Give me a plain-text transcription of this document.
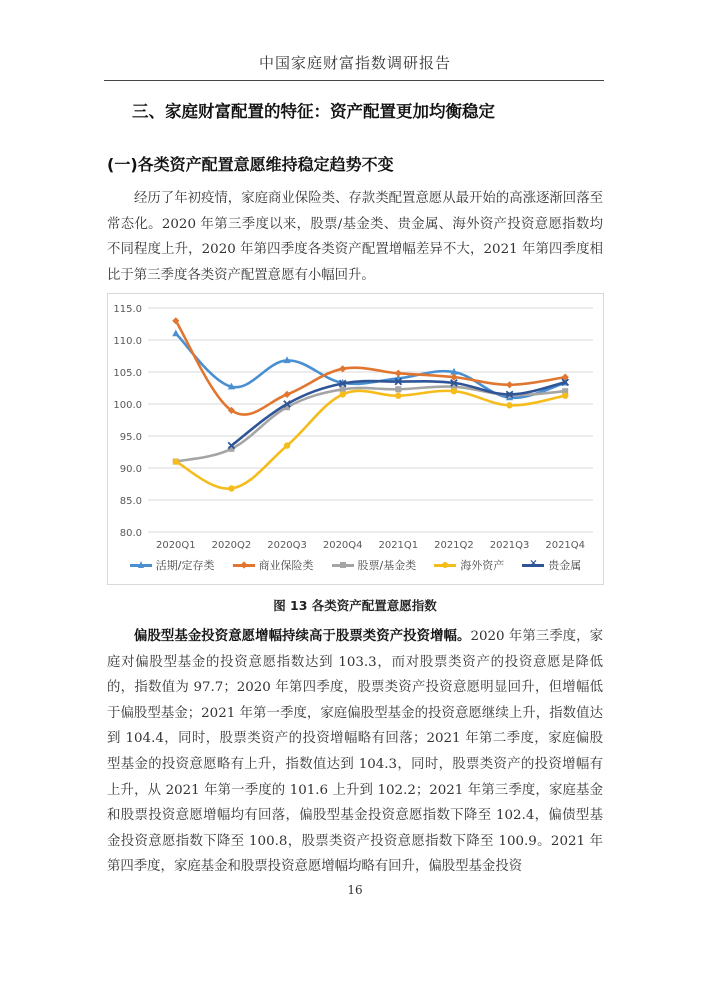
中国家庭财富指数调研报告
三、家庭财富配置的特征：资产配置更加均衡稳定
(一)各类资产配置意愿维持稳定趋势不变
经历了年初疫情，家庭商业保险类、存款类配置意愿从最开始的高涨逐渐回落至常态化。2020 年第三季度以来，股票/基金类、贵金属、海外资产投资意愿指数均不同程度上升，2020 年第四季度各类资产配置增幅差异不大，2021 年第四季度相比于第三季度各类资产配置意愿有小幅回升。
115.0
110.0
105.0
100.0
95.0
90.0
85.0
80.0
2020Q1 2020Q2 2020Q3 2020Q4 2021Q1 2021Q2 2021Q3 2021Q4
活期/定存类	商业保险类	股票/基金类	海外资产	× 贵金属
图 13 各类资产配置意愿指数
偏股型基金投资意愿增幅持续高于股票类资产投资增幅。2020 年第三季度，家庭对偏股型基金的投资意愿指数达到 103.3，而对股票类资产的投资意愿是降低的，指数值为 97.7；2020 年第四季度，股票类资产投资意愿明显回升，但增幅低于偏股型基金；2021 年第一季度，家庭偏股型基金的投资意愿继续上升，指数值达到 104.4，同时，股票类资产的投资增幅略有回落；2021 年第二季度，家庭偏股型基金的投资意愿略有上升，指数值达到 104.3，同时，股票类资产的投资增幅有上升，从 2021 年第一季度的 101.6 上升到 102.2；2021 年第三季度，家庭基金和股票投资意愿增幅均有回落，偏股型基金投资意愿指数下降至 102.4，偏债型基金投资意愿指数下降至 100.8，股票类资产投资意愿指数下降至 100.9。2021 年第四季度，家庭基金和股票投资意愿增幅均略有回升，偏股型基金投资
16
